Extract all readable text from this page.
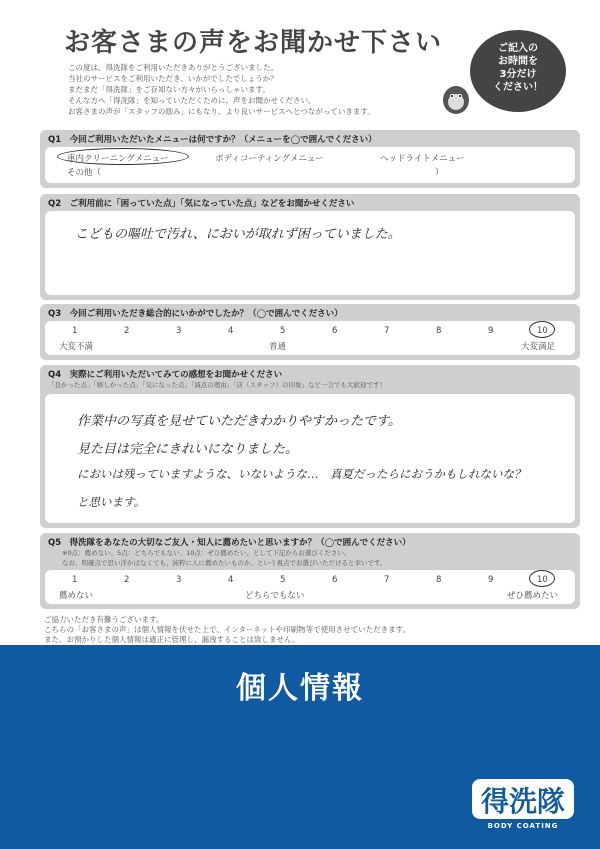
お客さまの声をお聞かせ下さい
この度は、得洗隊をご利用いただきありがとうございました。
当社のサービスをご利用いただき、いかがでしたでしょうか？
まだまだ「得洗隊」をご存知ない方々がいらっしゃいます。
そんな方へ「得洗隊」を知っていただくために、声をお聞かせください。
お客さまの声が「スタッフの励み」にもなり、より良いサービスへとつながっていきます。
ご記入の
お時間を
3分だけ
ください！
Q1　今回ご利用いただいたメニューは何ですか？（メニューを◯で囲んでください）
車内クリーニングメニュー	ボディコーティングメニュー	ヘッドライトメニュー
その他（	）
Q2　ご利用前に「困っていた点」「気になっていた点」などをお聞かせください
こどもの嘔吐で汚れ、においが取れず困っていました。
Q3　今回ご利用いただき総合的にいかがでしたか？（◯で囲んでください）
1	2	3	4	5	6	7	8	9	10
大変不満	普通	大変満足
Q4　実際にご利用いただいてみての感想をお聞かせください
「良かった点」「嬉しかった点」「気になった点」「減点の理由」「店（スタッフ）の印象」など一言でも大歓迎です！
作業中の写真を見せていただきわかりやすかったです。
見た目は完全にきれいになりました。
においは残っていますような、いないような…　真夏だったらにおうかもしれないな？
と思います。
Q5　得洗隊をあなたの大切なご友人・知人に薦めたいと思いますか？（◯で囲んでください）
※0点：薦めない、5点：どちらでもない、10点：ぜひ薦めたい、として下記からお選びください。
なお、明確点で思い浮かばなくても、純粋に人に薦めたいものか、という視点でお選びいただけると幸いです。
1	2	3	4	5	6	7	8	9	10
薦めない	どちらでもない	ぜひ薦めたい
ご協力いただき有難うございます。
こちらの「お客さまの声」は個人情報を伏せた上で、インターネットや印刷物等で使用させていただきます。
また、お預かりした個人情報は適正に管理し、漏洩することは致しません。
個人情報
得洗隊
BODY COATING
